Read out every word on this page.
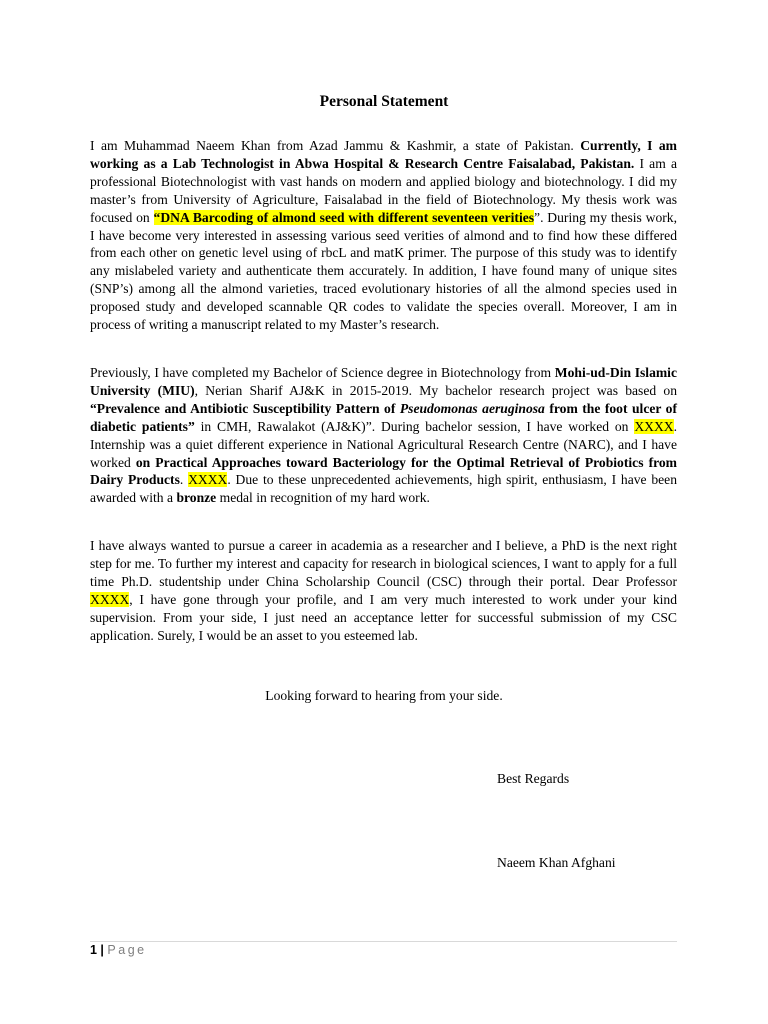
Personal Statement

I am Muhammad Naeem Khan from Azad Jammu & Kashmir, a state of Pakistan. Currently, I am working as a Lab Technologist in Abwa Hospital & Research Centre Faisalabad, Pakistan. I am a professional Biotechnologist with vast hands on modern and applied biology and biotechnology. I did my master’s from University of Agriculture, Faisalabad in the field of Biotechnology. My thesis work was focused on “DNA Barcoding of almond seed with different seventeen verities”. During my thesis work, I have become very interested in assessing various seed verities of almond and to find how these differed from each other on genetic level using of rbcL and matK primer. The purpose of this study was to identify any mislabeled variety and authenticate them accurately. In addition, I have found many of unique sites (SNP’s) among all the almond varieties, traced evolutionary histories of all the almond species used in proposed study and developed scannable QR codes to validate the species overall. Moreover, I am in process of writing a manuscript related to my Master’s research.

Previously, I have completed my Bachelor of Science degree in Biotechnology from Mohi-ud-Din Islamic University (MIU), Nerian Sharif AJ&K in 2015-2019. My bachelor research project was based on “Prevalence and Antibiotic Susceptibility Pattern of Pseudomonas aeruginosa from the foot ulcer of diabetic patients” in CMH, Rawalakot (AJ&K)”. During bachelor session, I have worked on XXXX. Internship was a quiet different experience in National Agricultural Research Centre (NARC), and I have worked on Practical Approaches toward Bacteriology for the Optimal Retrieval of Probiotics from Dairy Products. XXXX. Due to these unprecedented achievements, high spirit, enthusiasm, I have been awarded with a bronze medal in recognition of my hard work.

I have always wanted to pursue a career in academia as a researcher and I believe, a PhD is the next right step for me. To further my interest and capacity for research in biological sciences, I want to apply for a full time Ph.D. studentship under China Scholarship Council (CSC) through their portal. Dear Professor XXXX, I have gone through your profile, and I am very much interested to work under your kind supervision. From your side, I just need an acceptance letter for successful submission of my CSC application. Surely, I would be an asset to you esteemed lab.

Looking forward to hearing from your side.
Best Regards
Naeem Khan Afghani
1 | Page
